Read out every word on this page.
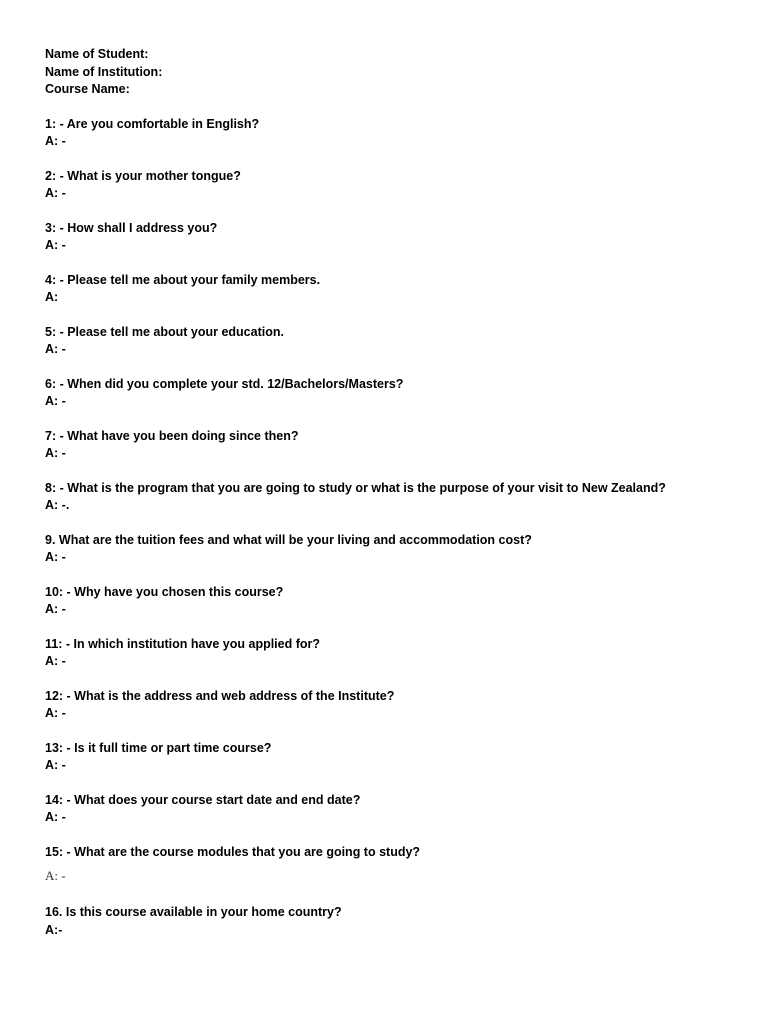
Name of Student:
Name of Institution:
Course Name:
1: - Are you comfortable in English?
A: -
2: - What is your mother tongue?
A: -
3: - How shall I address you?
A: -
4: - Please tell me about your family members.
A:
5: - Please tell me about your education.
A: -
6: - When did you complete your std. 12/Bachelors/Masters?
A: -
7: - What have you been doing since then?
A: -
8: - What is the program that you are going to study or what is the purpose of your visit to New Zealand?
A: -.
9. What are the tuition fees and what will be your living and accommodation cost?
A: -
10: - Why have you chosen this course?
A: -
11: - In which institution have you applied for?
A: -
12: - What is the address and web address of the Institute?
A: -
13: - Is it full time or part time course?
A: -
14: - What does your course start date and end date?
A: -
15: - What are the course modules that you are going to study?
A: -
16. Is this course available in your home country?
A:-
